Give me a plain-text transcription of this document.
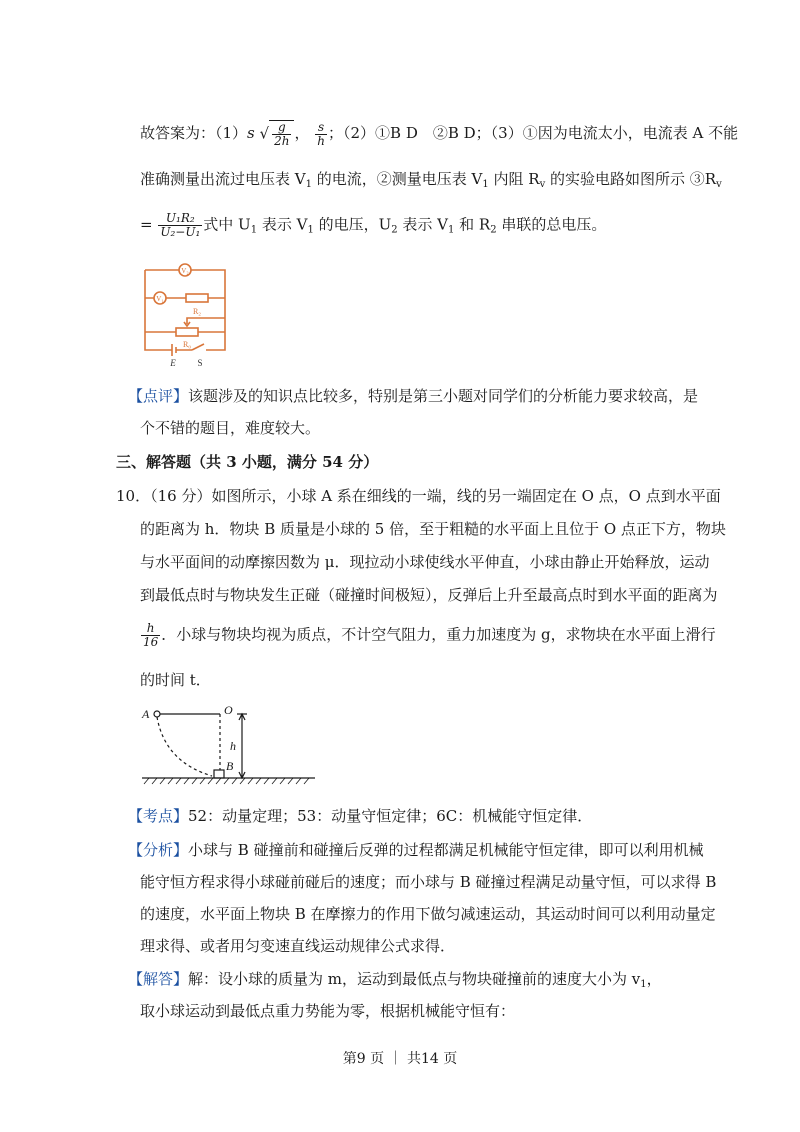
故答案为：（1）s √ $\frac{g}{2h}$ ， $\frac{s}{h}$ ；（2）①B D　②B D；（3）①因为电流太小，电流表 A 不能
准确测量出流过电压表 $V_1$ 的电流，②测量电压表 $V_1$ 内阻 $R_v$ 的实验电路如图所示 $③R_v$
= $\frac{\text{U₁R₂}}{\text{U₂−U₁}}$ 式中 $U_1$ 表示 $V_1$ 的电压，$U_2$ 表示 $V_1$ 和 $R_2$ 串联的总电压。
V₂
V₁
R₂
R₀
E S
【点评】该题涉及的知识点比较多，特别是第三小题对同学们的分析能力要求较高，是
个不错的题目，难度较大。
三、解答题（共 3 小题，满分 54 分）
10．（16 分）如图所示，小球 A 系在细线的一端，线的另一端固定在 O 点，O 点到水平面
的距离为 h．物块 B 质量是小球的 5 倍，至于粗糙的水平面上且位于 O 点正下方，物块
与水平面间的动摩擦因数为 μ．现拉动小球使线水平伸直，小球由静止开始释放，运动
到最低点时与物块发生正碰（碰撞时间极短），反弹后上升至最高点时到水平面的距离为
$\frac{h}{16}$ ．小球与物块均视为质点，不计空气阻力，重力加速度为 g，求物块在水平面上滑行
的时间 t．
A	O
h
B
【考点】52：动量定理；53：动量守恒定律；6C：机械能守恒定律．
【分析】小球与 B 碰撞前和碰撞后反弹的过程都满足机械能守恒定律，即可以利用机械
能守恒方程求得小球碰前碰后的速度；而小球与 B 碰撞过程满足动量守恒，可以求得 B
的速度，水平面上物块 B 在摩擦力的作用下做匀减速运动，其运动时间可以利用动量定
理求得、或者用匀变速直线运动规律公式求得．
【解答】解：设小球的质量为 m，运动到最低点与物块碰撞前的速度大小为 $v_1$，
取小球运动到最低点重力势能为零，根据机械能守恒有：
第9 页 ｜ 共14 页
